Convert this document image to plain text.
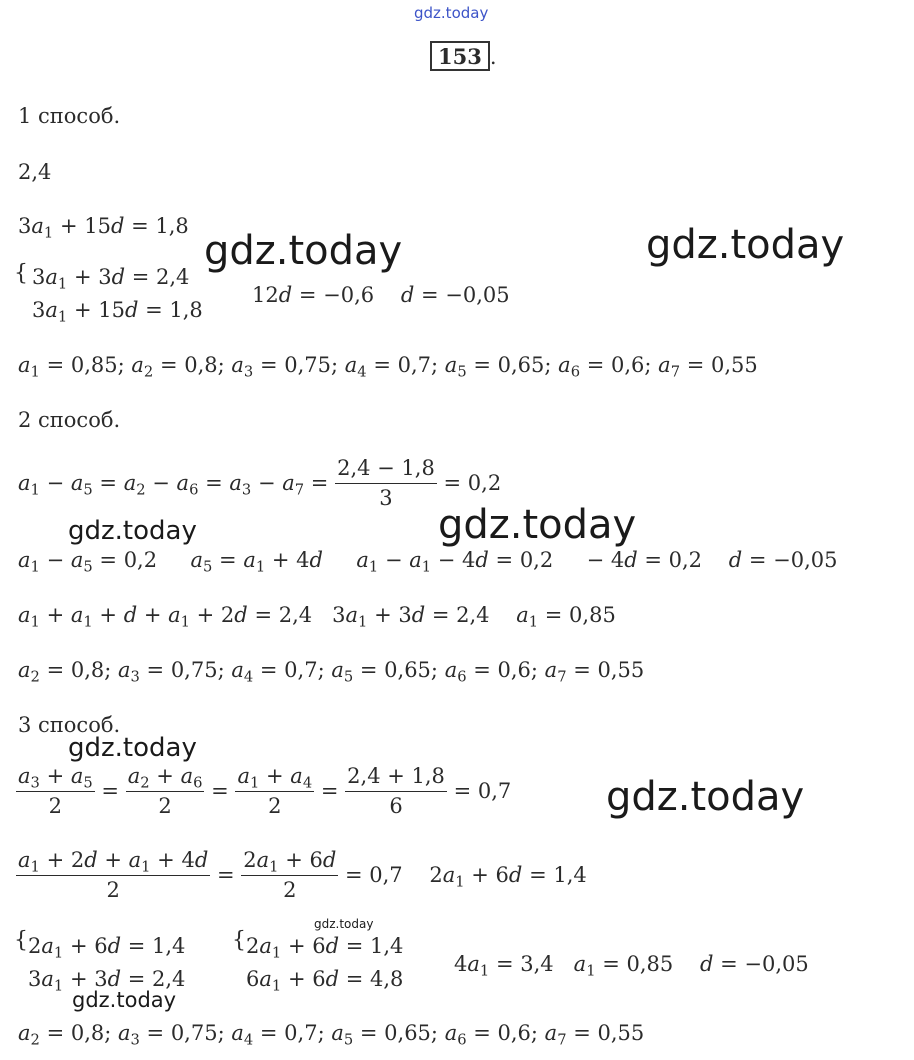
gdz.today
153 .
1 способ.
2,4
$3a_1 + 15d = 1,8$
{ $3a_1 + 3d = 2,4$
$3a_1 + 15d = 1,8$
12d = −0,6 d = −0,05
$a_1 = 0,85$; $a_2 = 0,8$; $a_3 = 0,75$; $a_4 = 0,7$; $a_5 = 0,65$; $a_6 = 0,6$; $a_7 = 0,55$
2 способ.
$a_1 - a_5 = a_2 - a_6 = a_3 - a_7 = \frac{2,4 - 1,8}{3} = 0,2$
$a_1 - a_5 = 0,2$ $a_5 = a_1 + 4d$ $a_1 - a_1 - 4d = 0,2$     − 4d = 0,2    d = −0,05
$a_1 + a_1 + d + a_1 + 2d = 2,4$   $3a_1 + 3d = 2,4$    $a_1 = 0,85$
$a_2 = 0,8$; $a_3 = 0,75$; $a_4 = 0,7$; $a_5 = 0,65$; $a_6 = 0,6$; $a_7 = 0,55$
3 способ.
$\frac{a_3 + a_5}{2} = \frac{a_2 + a_6}{2} = \frac{a_1 + a_4}{2} = \frac{2,4 + 1,8}{6} = 0,7$
$\frac{a_1 + 2d + a_1 + 4d}{2} = \frac{2a_1 + 6d}{2} = 0,7$    $2a_1 + 6d = 1,4$
{ $2a_1 + 6d = 1,4$
$3a_1 + 3d = 2,4$
{ $2a_1 + 6d = 1,4$
$6a_1 + 6d = 4,8$
$4a_1 = 3,4$ $a_1 = 0,85$ d = −0,05
$a_2 = 0,8$; $a_3 = 0,75$; $a_4 = 0,7$; $a_5 = 0,65$; $a_6 = 0,6$; $a_7 = 0,55$
gdz.today	gdz.today
gdz.today	gdz.today
gdz.today
gdz.today
gdz.today
gdz.today
